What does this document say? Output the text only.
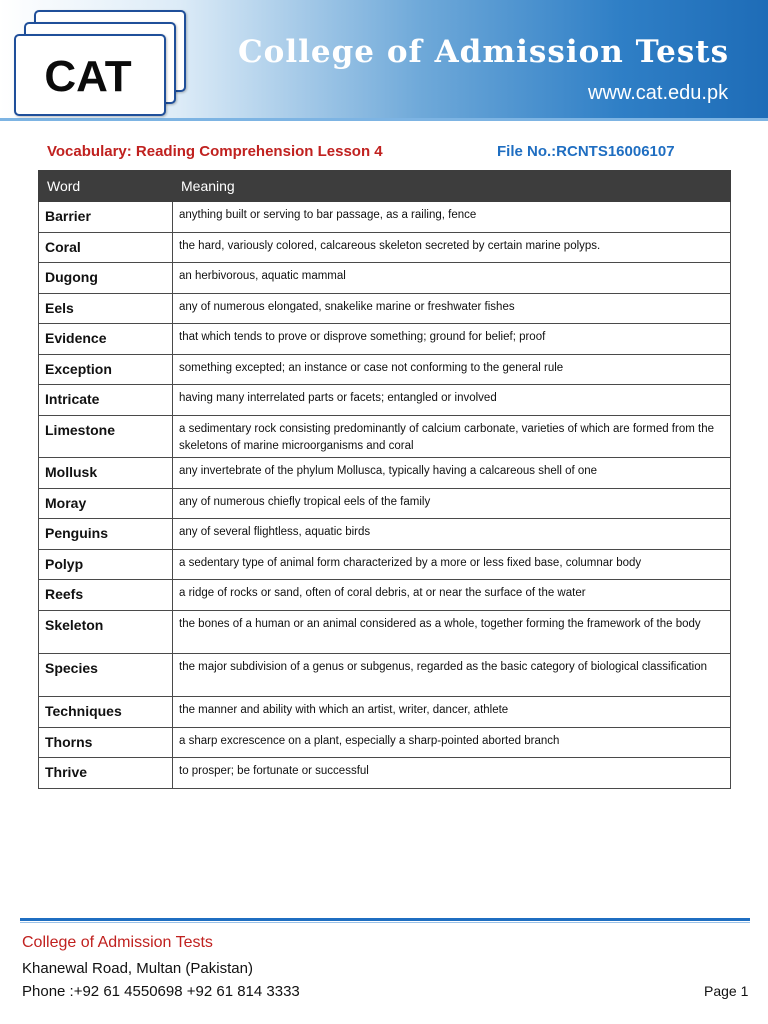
CAT	College of Admission Tests
www.cat.edu.pk
Vocabulary: Reading Comprehension Lesson 4	File No.:RCNTS16006107
Word	Meaning
Barrier	anything built or serving to bar passage, as a railing, fence
Coral	the hard, variously colored, calcareous skeleton secreted by certain marine polyps.
Dugong	an herbivorous, aquatic mammal
Eels	any of numerous elongated, snakelike marine or freshwater fishes
Evidence	that which tends to prove or disprove something; ground for belief; proof
Exception	something excepted; an instance or case not conforming to the general rule
Intricate	having many interrelated parts or facets; entangled or involved
Limestone	a sedimentary rock consisting predominantly of calcium carbonate, varieties of which are formed from the skeletons of marine microorganisms and coral
Mollusk	any invertebrate of the phylum Mollusca, typically having a calcareous shell of one
Moray	any of numerous chiefly tropical eels of the family
Penguins	any of several flightless, aquatic birds
Polyp	a sedentary type of animal form characterized by a more or less fixed base, columnar body
Reefs	a ridge of rocks or sand, often of coral debris, at or near the surface of the water
Skeleton	the bones of a human or an animal considered as a whole, together forming the framework of the body
Species	the major subdivision of a genus or subgenus, regarded as the basic category of biological classification
Techniques	the manner and ability with which an artist, writer, dancer, athlete
Thorns	a sharp excrescence on a plant, especially a sharp-pointed aborted branch
Thrive	to prosper; be fortunate or successful
College of Admission Tests
Khanewal Road, Multan (Pakistan)
Phone :+92 61 4550698 +92 61 814 3333	Page 1
